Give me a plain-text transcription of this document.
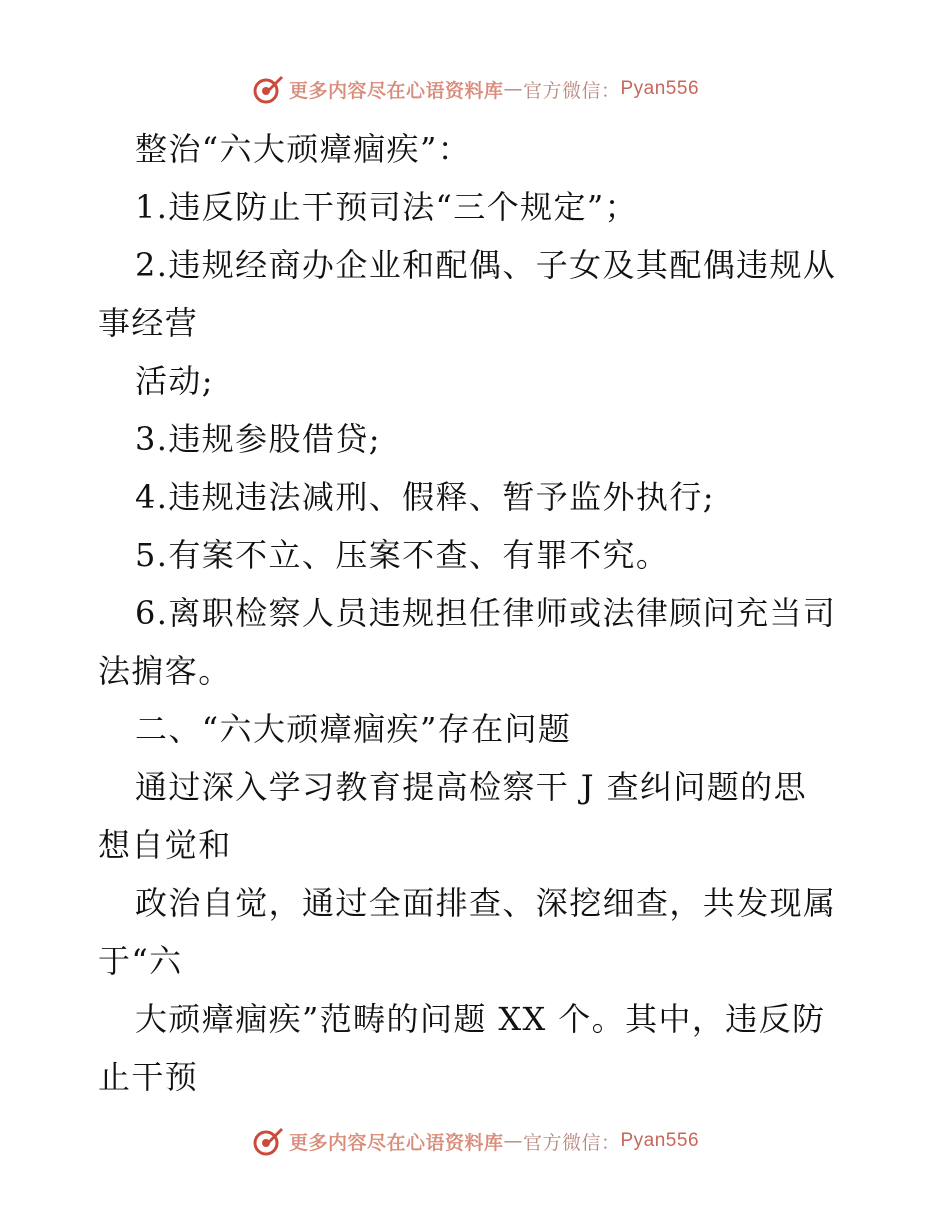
更多内容尽在心语资料库 — 官方微信： Pyan556
整治“六大顽瘴痼疾”：
1.违反防止干预司法“三个规定”；
2.违规经商办企业和配偶、子女及其配偶违规从
事经营
活动;
3.违规参股借贷;
4.违规违法减刑、假释、暂予监外执行;
5.有案不立、压案不查、有罪不究。
6.离职检察人员违规担任律师或法律顾问充当司
法掮客。
二、“六大顽瘴痼疾”存在问题
通过深入学习教育提高检察干 J 查纠问题的思
想自觉和
政治自觉，通过全面排查、深挖细查，共发现属
于“六
大顽瘴痼疾”范畴的问题 XX 个。其中，违反防
止干预
更多内容尽在心语资料库 — 官方微信： Pyan556
